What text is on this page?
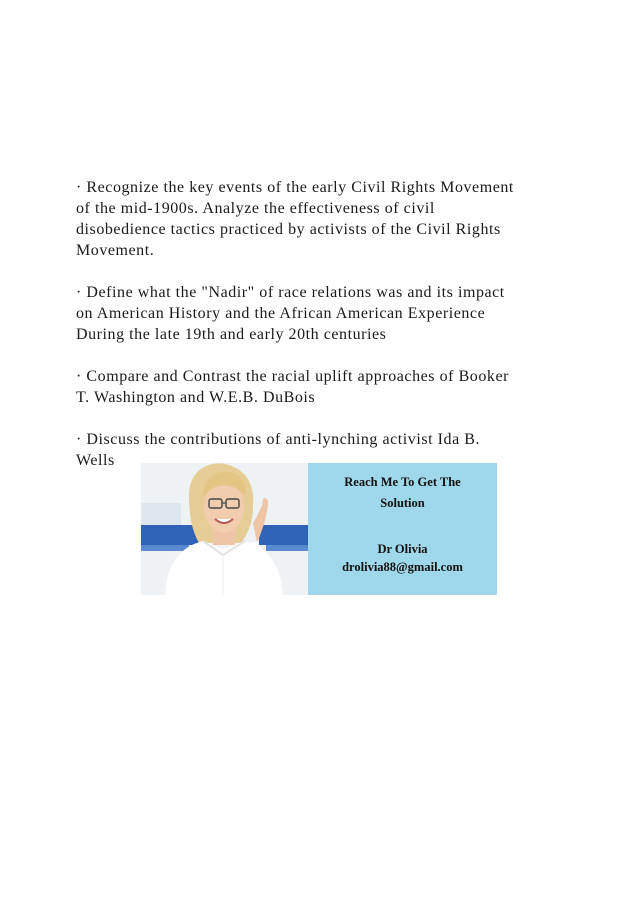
· Recognize the key events of the early Civil Rights Movement
of the mid-1900s. Analyze the effectiveness of civil
disobedience tactics practiced by activists of the Civil Rights
Movement.

· Define what the "Nadir" of race relations was and its impact
on American History and the African American Experience
During the late 19th and early 20th centuries

· Compare and Contrast the racial uplift approaches of Booker
T. Washington and W.E.B. DuBois

· Discuss the contributions of anti-lynching activist Ida B.
Wells

Reach Me To Get The
Solution
Dr Olivia
drolivia88@gmail.com
